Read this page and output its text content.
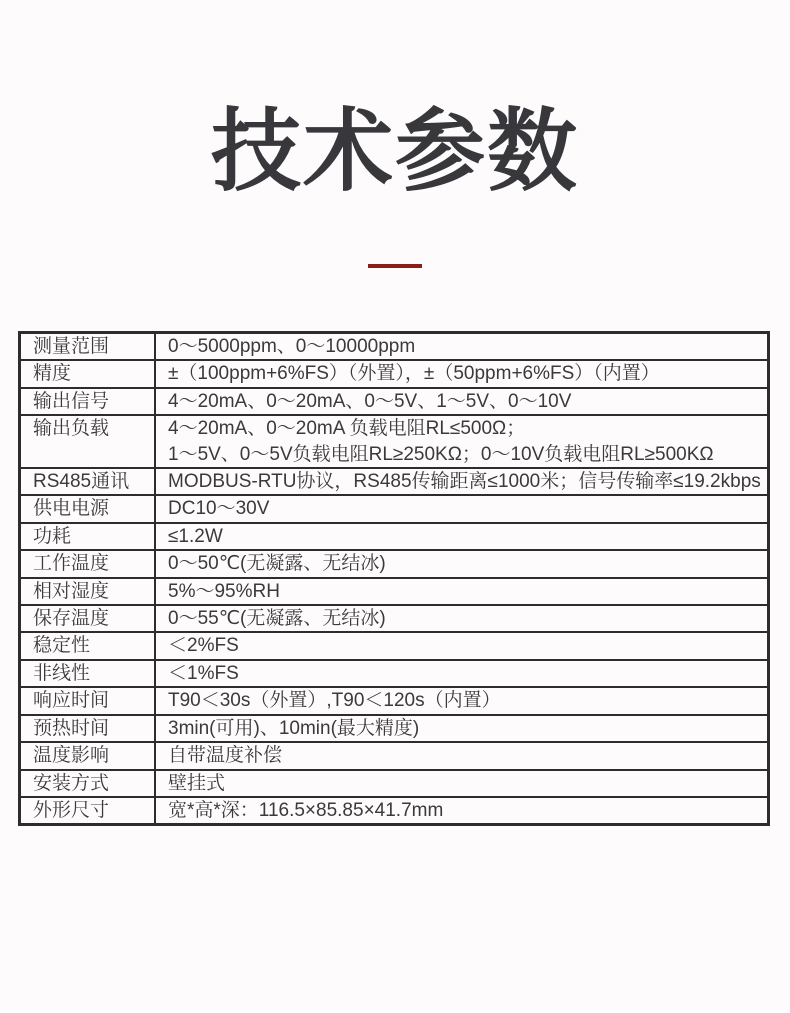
技术参数
测量范围	0～5000ppm、0～10000ppm

精度	±（100ppm+6%FS）（外置），±（50ppm+6%FS）（内置）

输出信号	4～20mA、0～20mA、0～5V、1～5V、0～10V

输出负载	4～20mA、0～20mA 负载电阻RL≤500Ω；
1～5V、0～5V负载电阻RL≥250KΩ；0～10V负载电阻RL≥500KΩ

RS485通讯	MODBUS-RTU协议，RS485传输距离≤1000米；信号传输率≤19.2kbps

供电电源	DC10～30V

功耗	≤1.2W

工作温度	0～50℃(无凝露、无结冰)

相对湿度	5%～95%RH

保存温度	0～55℃(无凝露、无结冰)

稳定性	＜2%FS

非线性	＜1%FS

响应时间	T90＜30s（外置）,T90＜120s（内置）

预热时间	3min(可用)、10min(最大精度)

温度影响	自带温度补偿

安装方式	壁挂式

外形尺寸	宽*高*深：116.5×85.85×41.7mm
